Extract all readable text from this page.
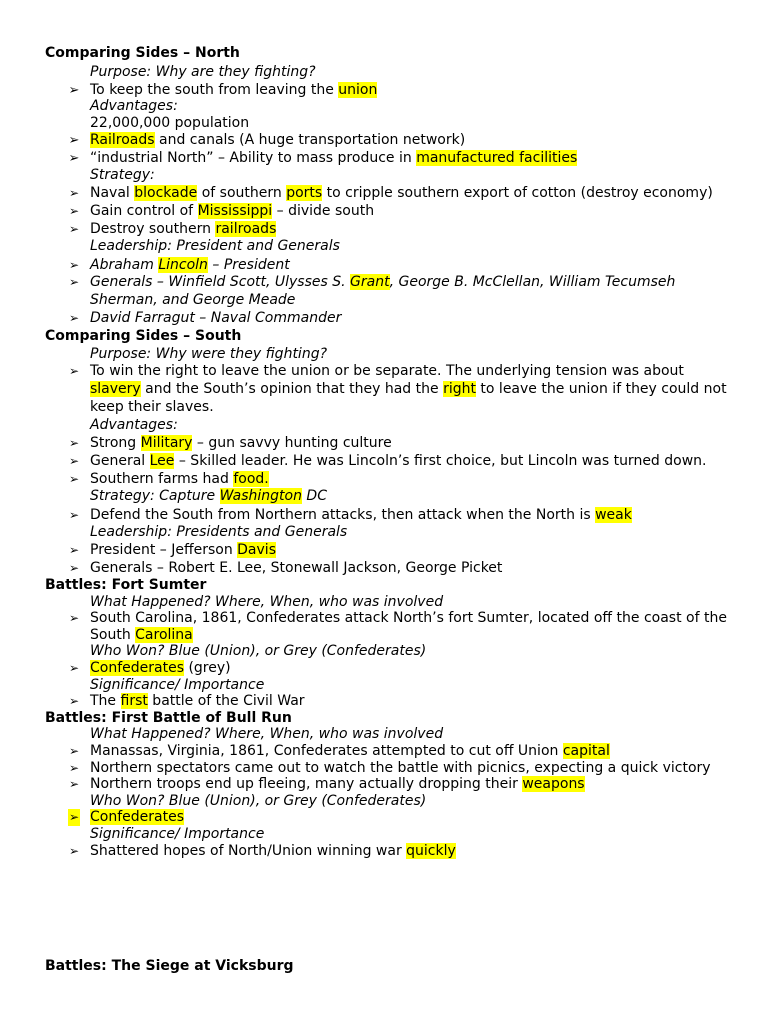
Comparing Sides – North

Purpose: Why are they fighting?

➢ To keep the south from leaving the union

Advantages:

22,000,000 population

➢ Railroads and canals (A huge transportation network)

➢ “industrial North” – Ability to mass produce in manufactured facilities

Strategy:

➢ Naval blockade of southern ports to cripple southern export of cotton (destroy economy)

➢ Gain control of Mississippi – divide south

➢ Destroy southern railroads

Leadership: President and Generals

➢ Abraham Lincoln – President

➢ Generals – Winfield Scott, Ulysses S. Grant, George B. McClellan, William Tecumseh

Sherman, and George Meade

➢ David Farragut – Naval Commander

Comparing Sides – South

Purpose: Why were they fighting?

➢ To win the right to leave the union or be separate. The underlying tension was about

slavery and the South’s opinion that they had the right to leave the union if they could not

keep their slaves.

Advantages:

➢ Strong Military – gun savvy hunting culture

➢ General Lee – Skilled leader. He was Lincoln’s first choice, but Lincoln was turned down.

➢ Southern farms had food.

Strategy: Capture Washington DC

➢ Defend the South from Northern attacks, then attack when the North is weak

Leadership: Presidents and Generals

➢ President – Jefferson Davis

➢ Generals – Robert E. Lee, Stonewall Jackson, George Picket

Battles: Fort Sumter

What Happened? Where, When, who was involved

➢ South Carolina, 1861, Confederates attack North’s fort Sumter, located off the coast of the

South Carolina

Who Won? Blue (Union), or Grey (Confederates)

➢ Confederates (grey)

Significance/ Importance

➢ The first battle of the Civil War

Battles: First Battle of Bull Run

What Happened? Where, When, who was involved

➢ Manassas, Virginia, 1861, Confederates attempted to cut off Union capital

➢ Northern spectators came out to watch the battle with picnics, expecting a quick victory

➢ Northern troops end up fleeing, many actually dropping their weapons

Who Won? Blue (Union), or Grey (Confederates)

➢ Confederates

Significance/ Importance

➢ Shattered hopes of North/Union winning war quickly

Battles: The Siege at Vicksburg
